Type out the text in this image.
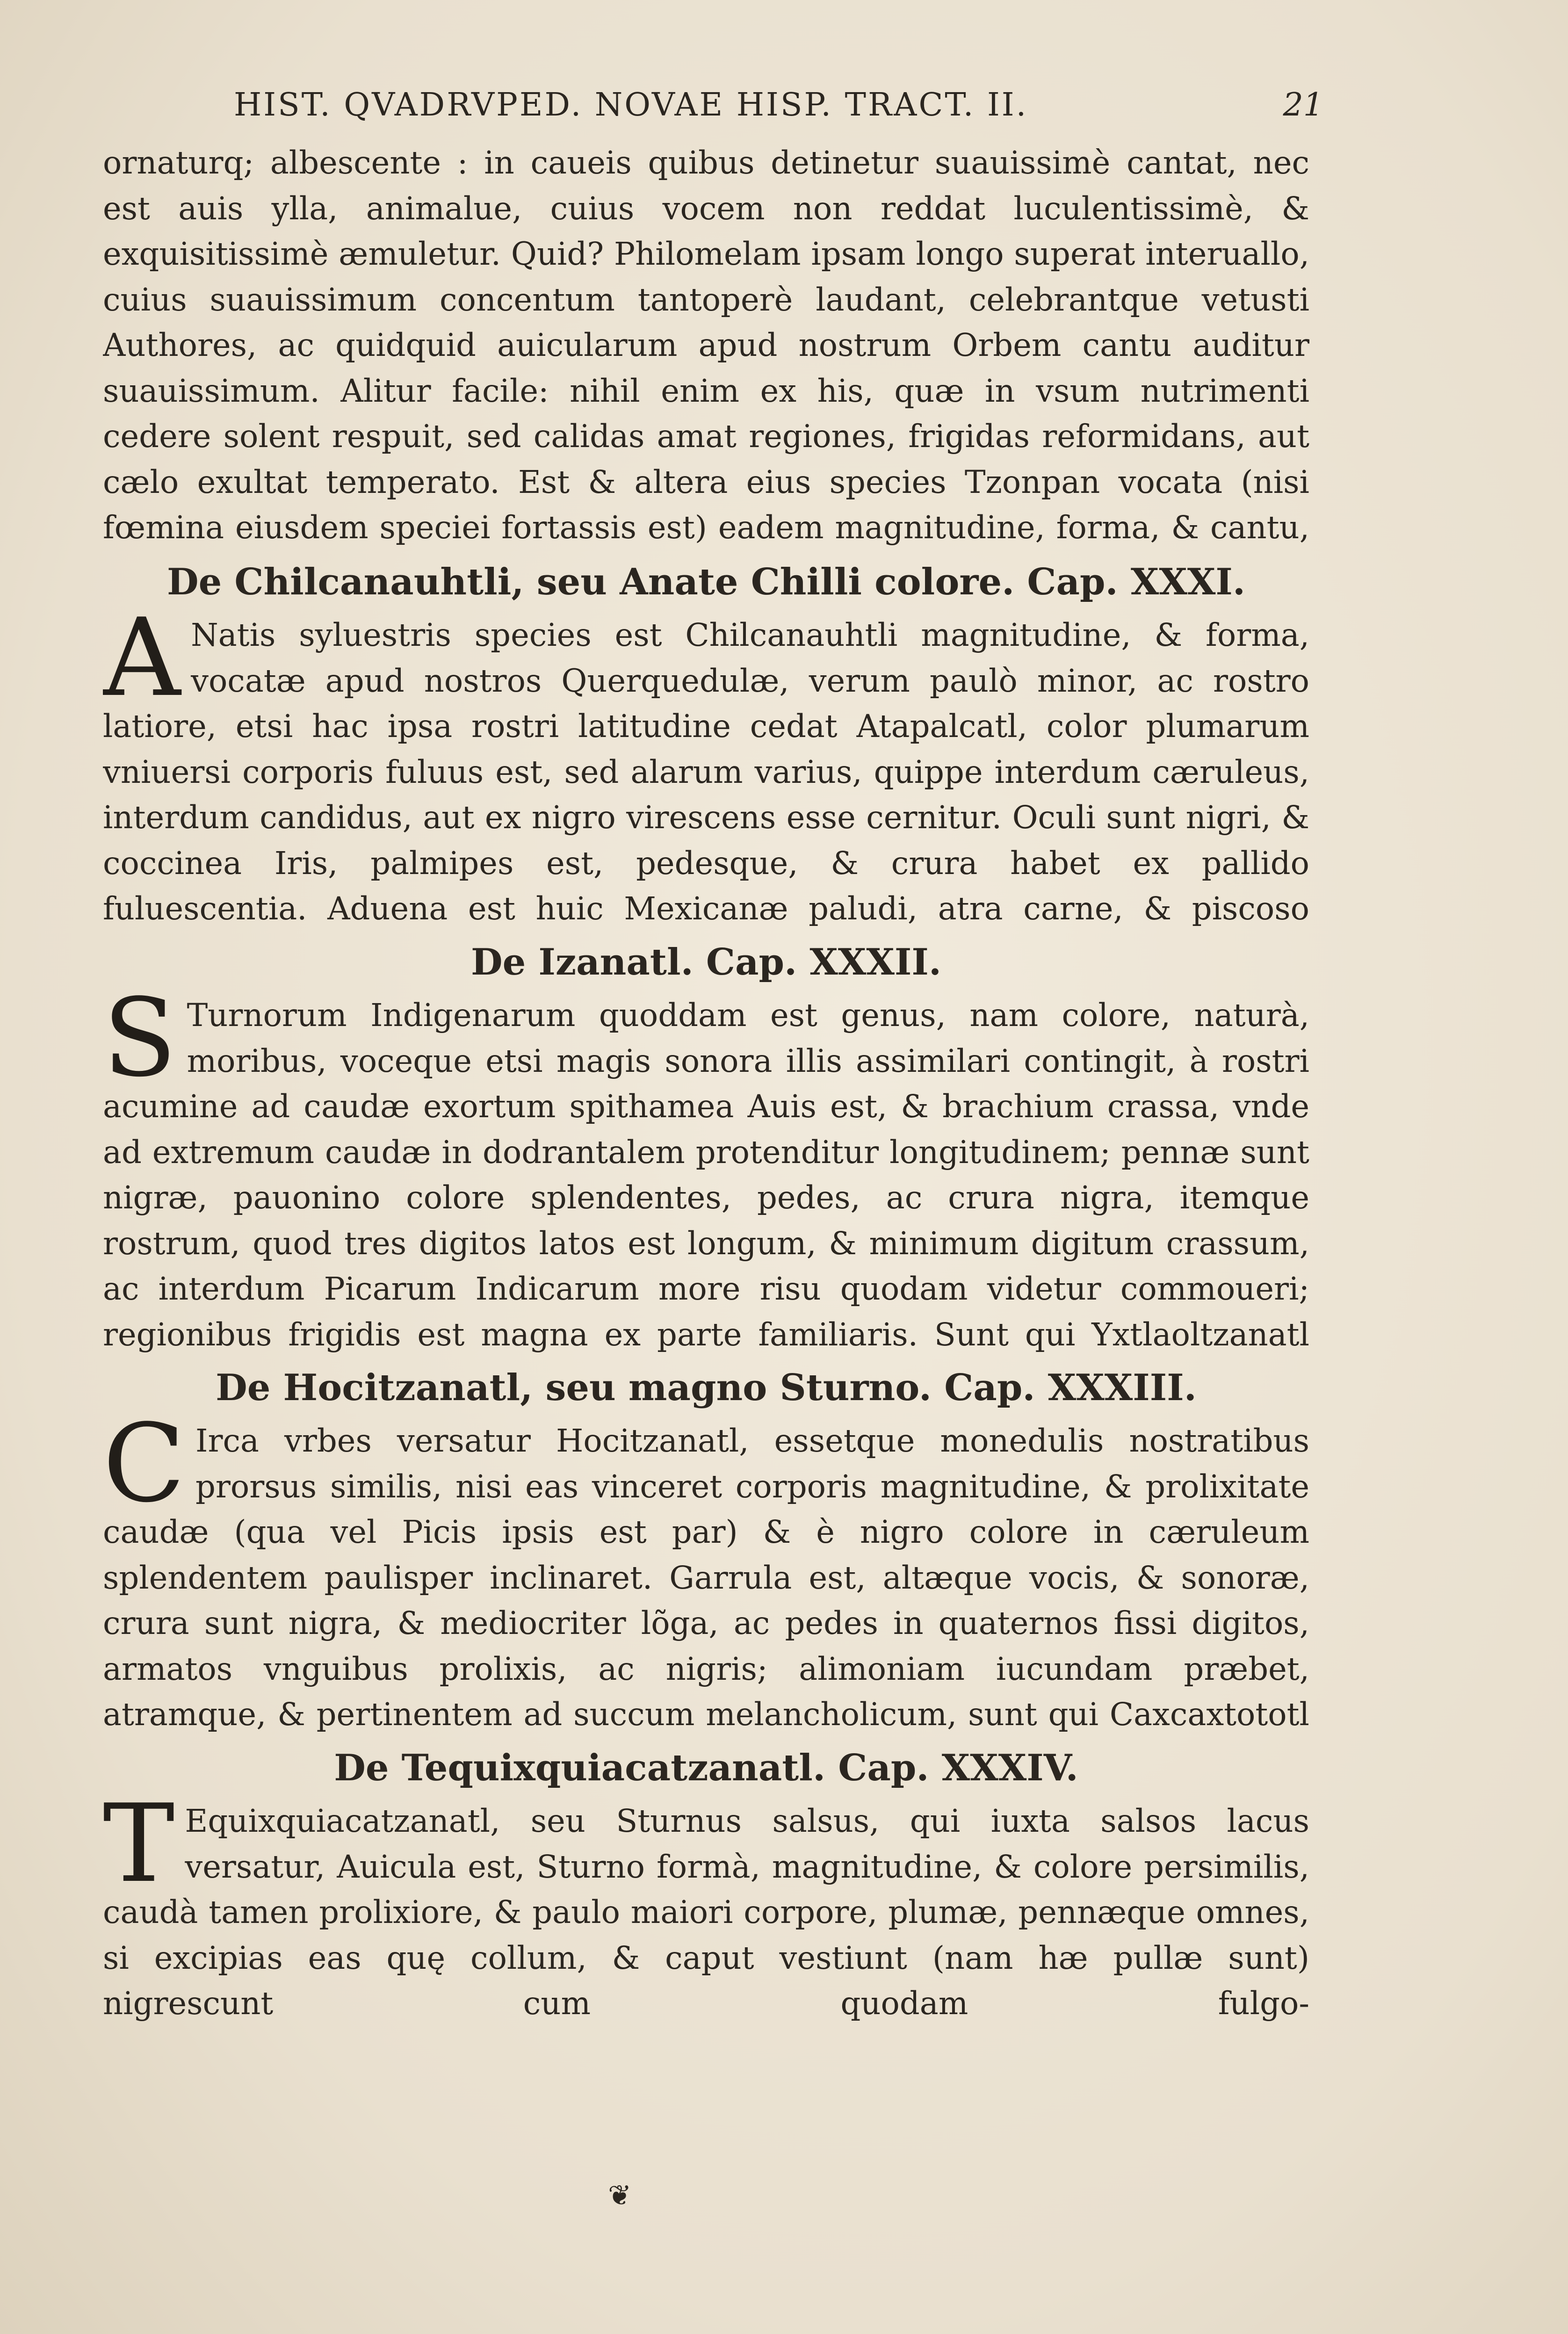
HIST. QVADRVPED. NOVAE HISP. TRACT. II.	21

ornaturq; albescente : in caueis quibus detinetur suauissimè cantat, nec est auis ylla, animalue, cuius vocem non reddat luculentissimè, & exquisitissimè æmuletur. Quid? Philomelam ipsam longo superat interuallo, cuius suauissimum concentum tantoperè laudant, celebrantque vetusti Authores, ac quidquid auicularum apud nostrum Orbem cantu auditur suauissimum. Alitur facile: nihil enim ex his, quæ in vsum nutrimenti cedere solent respuit, sed calidas amat regiones, frigidas reformidans, aut cælo exultat temperato. Est & altera eius species Tzonpan vocata (nisi fœmina eiusdem speciei fortassis est) eadem magnitudine, forma, & cantu,

De Chilcanauhtli, seu Anate Chilli colore. Cap. XXXI.

A Natis syluestris species est Chilcanauhtli magnitudine, & forma, vocatæ apud nostros Querquedulæ, verum paulò minor, ac rostro latiore, etsi hac ipsa rostri latitudine cedat Atapalcatl, color plumarum vniuersi corporis fuluus est, sed alarum varius, quippe interdum cæruleus, interdum candidus, aut ex nigro virescens esse cernitur. Oculi sunt nigri, & coccinea Iris, palmipes est, pedesque, & crura habet ex pallido fuluescentia. Aduena est huic Mexicanæ paludi, atra carne, & piscoso

De Izanatl. Cap. XXXII.

S Turnorum Indigenarum quoddam est genus, nam colore, naturà, moribus, voceque etsi magis sonora illis assimilari contingit, à rostri acumine ad caudæ exortum spithamea Auis est, & brachium crassa, vnde ad extremum caudæ in dodrantalem protenditur longitudinem; pennæ sunt nigræ, pauonino colore splendentes, pedes, ac crura nigra, itemque rostrum, quod tres digitos latos est longum, & minimum digitum crassum, ac interdum Picarum Indicarum more risu quodam videtur commoueri; regionibus frigidis est magna ex parte familiaris. Sunt qui Yxtlaoltzanatl

De Hocitzanatl, seu magno Sturno. Cap. XXXIII.

C Irca vrbes versatur Hocitzanatl, essetque monedulis nostratibus prorsus similis, nisi eas vinceret corporis magnitudine, & prolixitate caudæ (qua vel Picis ipsis est par) & è nigro colore in cæruleum splendentem paulisper inclinaret. Garrula est, altæque vocis, & sonoræ, crura sunt nigra, & mediocriter lõga, ac pedes in quaternos fissi digitos, armatos vnguibus prolixis, ac nigris; alimoniam iucundam præbet, atramque, & pertinentem ad succum melancholicum, sunt qui Caxcaxtototl

De Tequixquiacatzanatl. Cap. XXXIV.

T Equixquiacatzanatl, seu Sturnus salsus, qui iuxta salsos lacus versatur, Auicula est, Sturno formà, magnitudine, & colore persimilis, caudà tamen prolixiore, & paulo maiori corpore, plumæ, pennæque omnes, si excipias eas quę collum, & caput vestiunt (nam hæ pullæ sunt) nigrescunt cum quodam fulgo-

❦
